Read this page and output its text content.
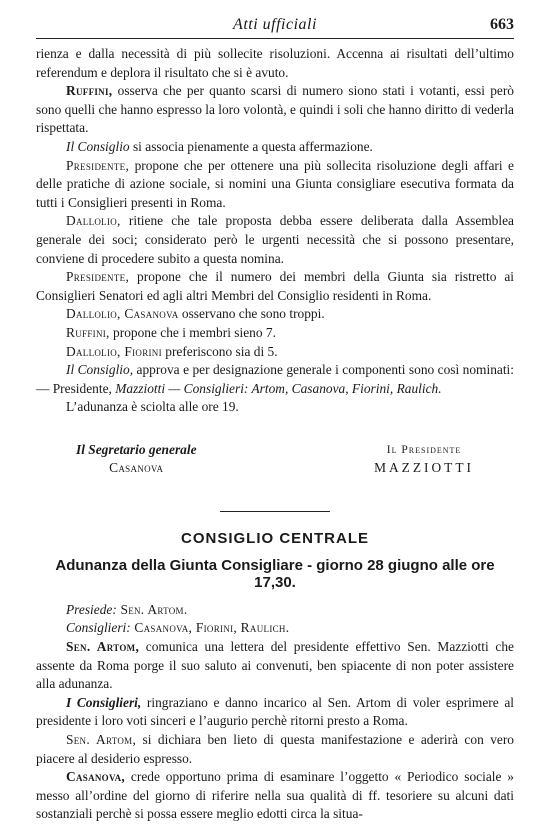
Atti ufficiali	663

rienza e dalla necessità di più sollecite risoluzioni. Accenna ai risultati dell’ultimo referendum e deplora il risultato che si è avuto.

Ruffini, osserva che per quanto scarsi di numero siono stati i votanti, essi però sono quelli che hanno espresso la loro volontà, e quindi i soli che hanno diritto di vederla rispettata.

Il Consiglio si associa pienamente a questa affermazione.

Presidente, propone che per ottenere una più sollecita risoluzione degli affari e delle pratiche di azione sociale, si nomini una Giunta consigliare esecutiva formata da tutti i Consiglieri presenti in Roma.

Dallolio, ritiene che tale proposta debba essere deliberata dalla Assemblea generale dei soci; considerato però le urgenti necessità che si possono presentare, conviene di procedere subito a questa nomina.

Presidente, propone che il numero dei membri della Giunta sia ristretto ai Consiglieri Senatori ed agli altri Membri del Consiglio residenti in Roma.

Dallolio, Casanova osservano che sono troppi.

Ruffini, propone che i membri sieno 7.

Dallolio, Fiorini preferiscono sia di 5.

Il Consiglio, approva e per designazione generale i componenti sono così nominati: — Presidente, Mazziotti — Consiglieri: Artom, Casanova, Fiorini, Raulich.

L’adunanza è sciolta alle ore 19.

Il Segretario generale
Casanova
Il Presidente
MAZZIOTTI
CONSIGLIO CENTRALE
Adunanza della Giunta Consigliare - giorno 28 giugno alle ore 17,30.

Presiede: Sen. Artom.

Consiglieri: Casanova, Fiorini, Raulich.

Sen. Artom, comunica una lettera del presidente effettivo Sen. Mazziotti che assente da Roma porge il suo saluto ai convenuti, ben spiacente di non poter assistere alla adunanza.

I Consiglieri, ringraziano e danno incarico al Sen. Artom di voler esprimere al presidente i loro voti sinceri e l’augurio perchè ritorni presto a Roma.

Sen. Artom, si dichiara ben lieto di questa manifestazione e aderirà con vero piacere al desiderio espresso.

Casanova, crede opportuno prima di esaminare l’oggetto « Periodico sociale » messo all’ordine del giorno di riferire nella sua qualità di ff. tesoriere su alcuni dati sostanziali perchè si possa essere meglio edotti circa la situa-
